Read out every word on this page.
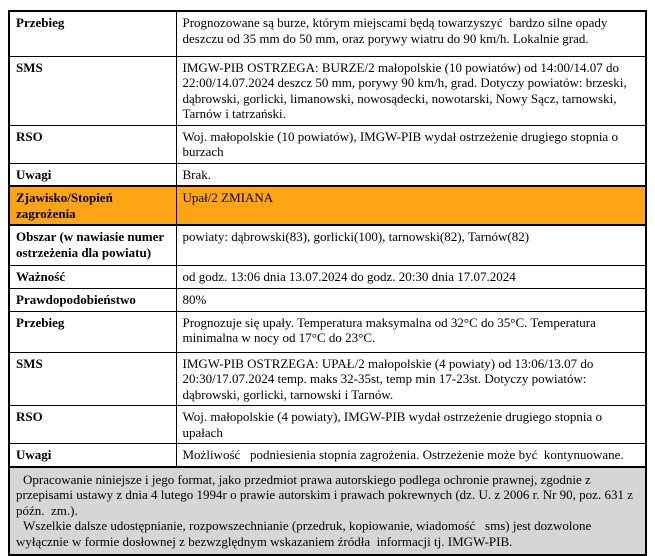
Przebieg	Prognozowane są burze, którym miejscami będą towarzyszyć  bardzo silne opady deszczu od 35 mm do 50 mm, oraz porywy wiatru do 90 km/h. Lokalnie grad.
SMS	IMGW-PIB OSTRZEGA: BURZE/2 małopolskie (10 powiatów) od 14:00/14.07 do 22:00/14.07.2024 deszcz 50 mm, porywy 90 km/h, grad. Dotyczy powiatów: brzeski, dąbrowski, gorlicki, limanowski, nowosądecki, nowotarski, Nowy Sącz, tarnowski, Tarnów i tatrzański.
RSO	Woj. małopolskie (10 powiatów), IMGW-PIB wydał ostrzeżenie drugiego stopnia o burzach
Uwagi	Brak.
Zjawisko/Stopień zagrożenia	Upał/2 ZMIANA
Obszar (w nawiasie numer ostrzeżenia dla powiatu)	powiaty: dąbrowski(83), gorlicki(100), tarnowski(82), Tarnów(82)
Ważność	od godz. 13:06 dnia 13.07.2024 do godz. 20:30 dnia 17.07.2024
Prawdopodobieństwo	80%
Przebieg	Prognozuje się upały. Temperatura maksymalna od 32°C do 35°C. Temperatura minimalna w nocy od 17°C do 23°C.
SMS	IMGW-PIB OSTRZEGA: UPAŁ/2 małopolskie (4 powiaty) od 13:06/13.07 do 20:30/17.07.2024 temp. maks 32-35st, temp min 17-23st. Dotyczy powiatów: dąbrowski, gorlicki, tarnowski i Tarnów.
RSO	Woj. małopolskie (4 powiaty), IMGW-PIB wydał ostrzeżenie drugiego stopnia o upałach
Uwagi	Możliwość   podniesienia stopnia zagrożenia. Ostrzeżenie może być  kontynuowane.

Opracowanie niniejsze i jego format, jako przedmiot prawa autorskiego podlega ochronie prawnej, zgodnie z przepisami ustawy z dnia 4 lutego 1994r o prawie autorskim i prawach pokrewnych (dz. U. z 2006 r. Nr 90, poz. 631 z późn.  zm.).

Wszelkie dalsze udostępnianie, rozpowszechnianie (przedruk, kopiowanie, wiadomość   sms) jest dozwolone wyłącznie w formie dosłownej z bezwzględnym wskazaniem źródła  informacji tj. IMGW-PIB.	
